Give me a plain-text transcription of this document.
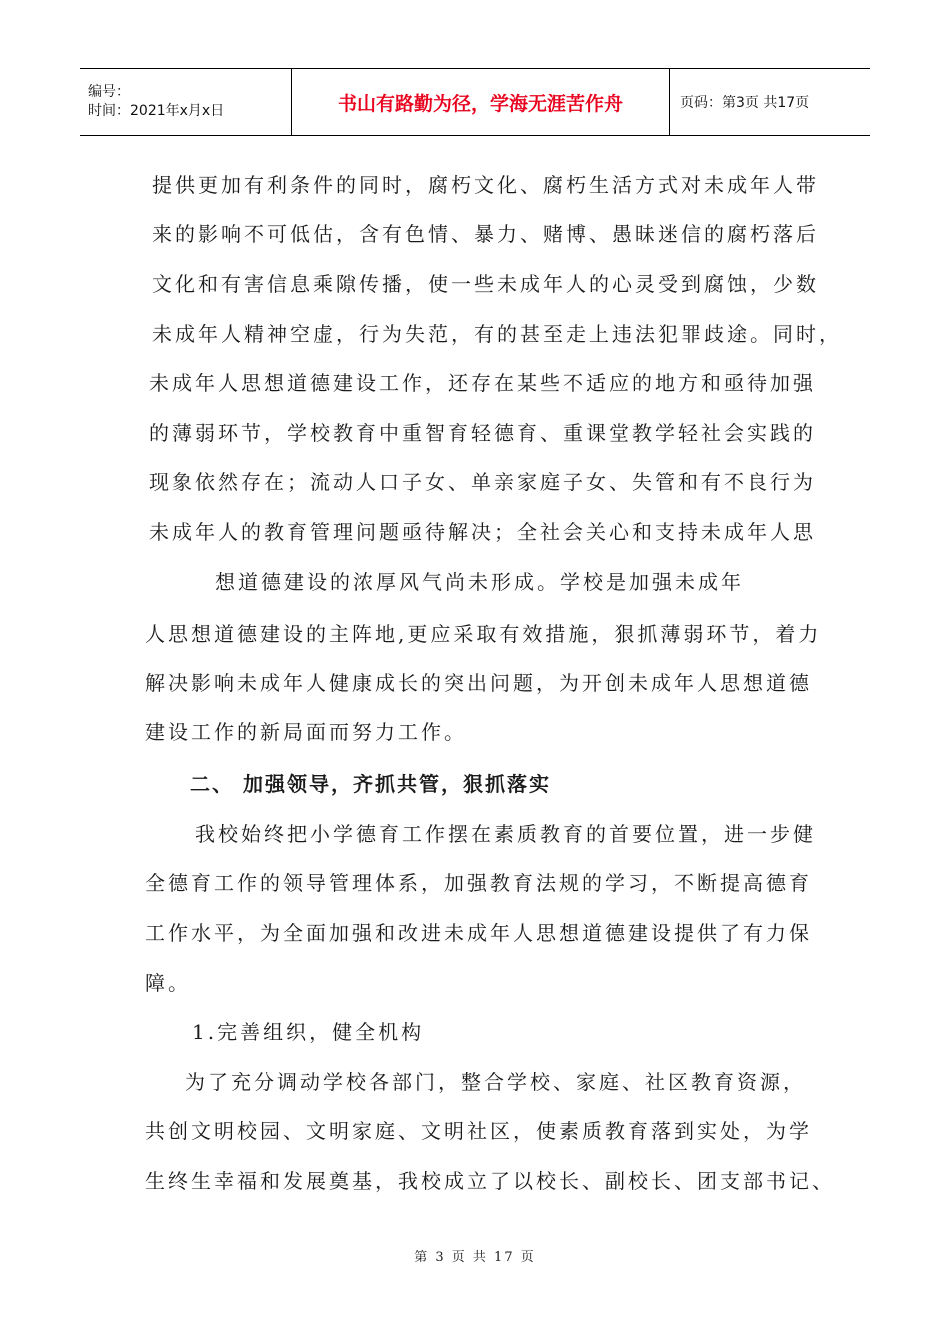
编号：
时间：2021年x月x日	书山有路勤为径，学海无涯苦作舟	页码：第3页 共17页
提供更加有利条件的同时，腐朽文化、腐朽生活方式对未成年人带
来的影响不可低估，含有色情、暴力、赌博、愚昧迷信的腐朽落后
文化和有害信息乘隙传播，使一些未成年人的心灵受到腐蚀，少数
未成年人精神空虚，行为失范，有的甚至走上违法犯罪歧途。同时，
未成年人思想道德建设工作，还存在某些不适应的地方和亟待加强
的薄弱环节，学校教育中重智育轻德育、重课堂教学轻社会实践的
现象依然存在；流动人口子女、单亲家庭子女、失管和有不良行为
未成年人的教育管理问题亟待解决；全社会关心和支持未成年人思
想道德建设的浓厚风气尚未形成。学校是加强未成年
人思想道德建设的主阵地,更应采取有效措施，狠抓薄弱环节，着力
解决影响未成年人健康成长的突出问题，为开创未成年人思想道德
建设工作的新局面而努力工作。
二、 加强领导，齐抓共管，狠抓落实
我校始终把小学德育工作摆在素质教育的首要位置，进一步健
全德育工作的领导管理体系，加强教育法规的学习，不断提高德育
工作水平，为全面加强和改进未成年人思想道德建设提供了有力保
障。
1.完善组织，健全机构
为了充分调动学校各部门，整合学校、家庭、社区教育资源，
共创文明校园、文明家庭、文明社区，使素质教育落到实处，为学
生终生幸福和发展奠基，我校成立了以校长、副校长、团支部书记、
第 3 页 共 17 页
